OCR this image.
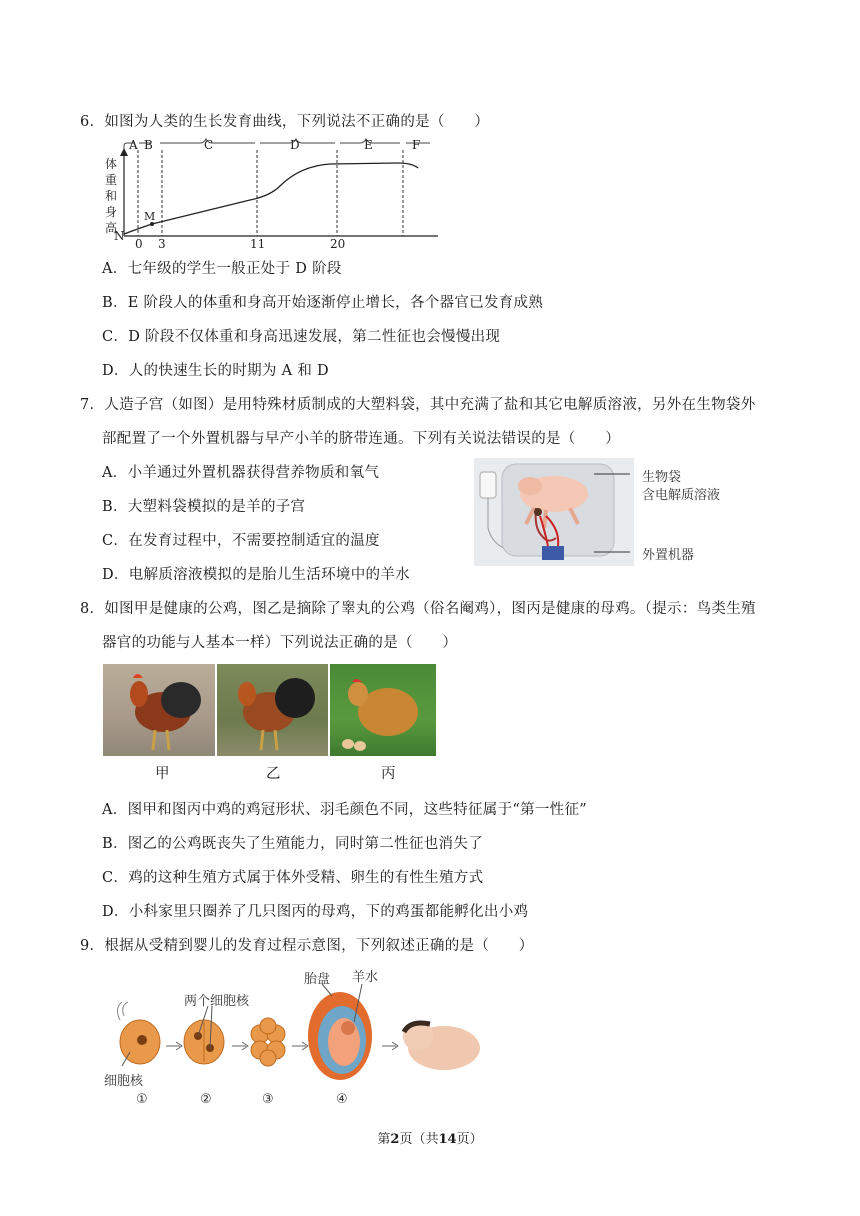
6．如图为人类的生长发育曲线，下列说法不正确的是（　　）
A B	C	D	E	F
体
重
和
身
高
N
M
0 3	11	20
A．七年级的学生一般正处于 D 阶段
B．E 阶段人的体重和身高开始逐渐停止增长，各个器官已发育成熟
C．D 阶段不仅体重和身高迅速发展，第二性征也会慢慢出现
D．人的快速生长的时期为 A 和 D
7．人造子宫（如图）是用特殊材质制成的大塑料袋，其中充满了盐和其它电解质溶液，另外在生物袋外
部配置了一个外置机器与早产小羊的脐带连通。下列有关说法错误的是（　　）
A．小羊通过外置机器获得营养物质和氧气
B．大塑料袋模拟的是羊的子宫
C．在发育过程中，不需要控制适宜的温度
D．电解质溶液模拟的是胎儿生活环境中的羊水
生物袋
含电解质溶液
外置机器
8．如图甲是健康的公鸡，图乙是摘除了睾丸的公鸡（俗名阉鸡），图丙是健康的母鸡。（提示：鸟类生殖
器官的功能与人基本一样）下列说法正确的是（　　）
甲	乙	丙
A．图甲和图丙中鸡的鸡冠形状、羽毛颜色不同，这些特征属于“第一性征”
B．图乙的公鸡既丧失了生殖能力，同时第二性征也消失了
C．鸡的这种生殖方式属于体外受精、卵生的有性生殖方式
D．小科家里只圈养了几只图丙的母鸡，下的鸡蛋都能孵化出小鸡
9．根据从受精到婴儿的发育过程示意图，下列叙述正确的是（　　）
两个细胞核
细胞核
胎盘 羊水
①	②	③	④
第2页（共14页）
